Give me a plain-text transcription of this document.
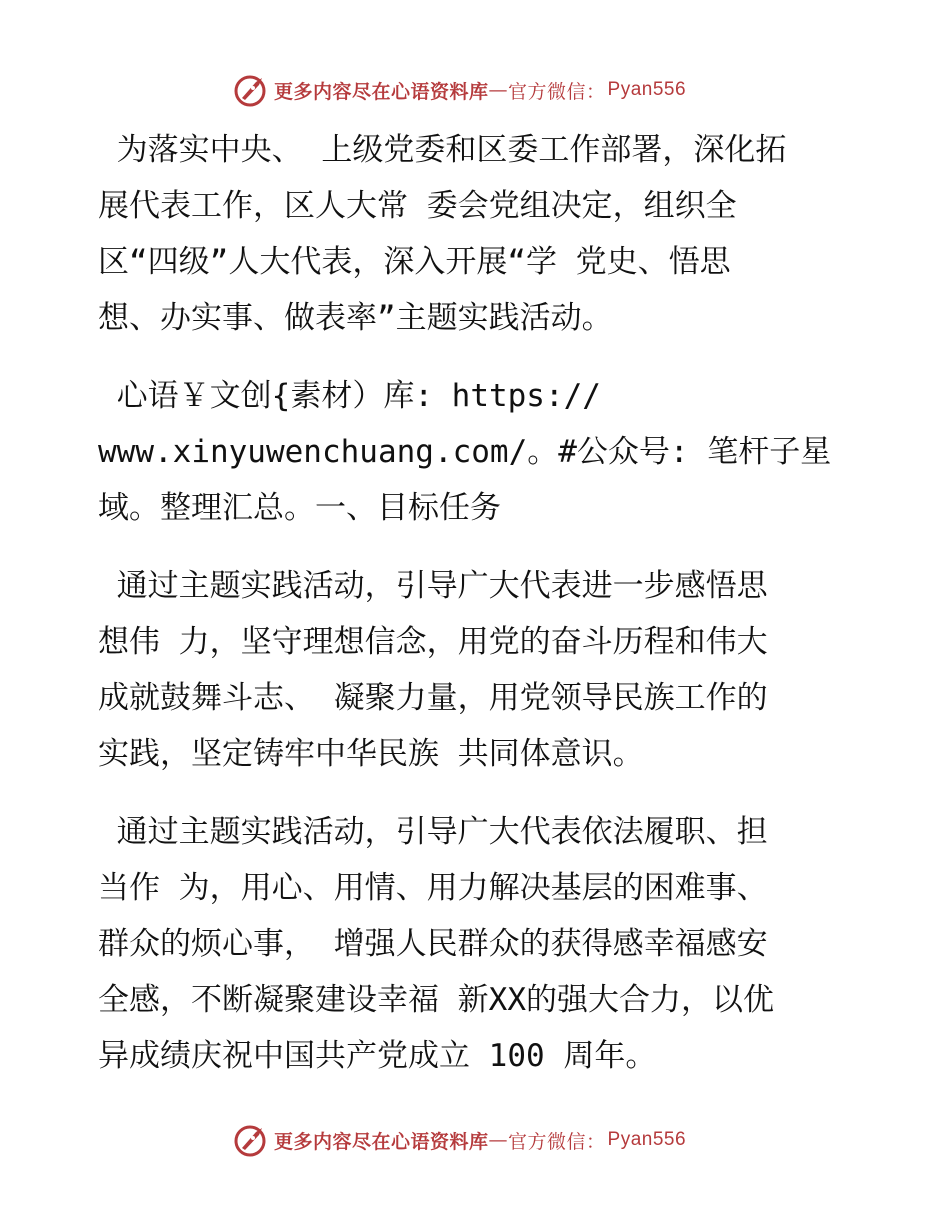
更多内容尽在心语资料库 — 官方微信： Pyan556
为落实中央、 上级党委和区委工作部署，深化拓
展代表工作，区人大常 委会党组决定，组织全
区“四级”人大代表，深入开展“学 党史、悟思
想、办实事、做表率”主题实践活动。
心语￥文创{素材）库: https://
www.xinyuwenchuang.com/。#公众号: 笔杆子星
域。整理汇总。一、目标任务
通过主题实践活动，引导广大代表进一步感悟思
想伟 力，坚守理想信念，用党的奋斗历程和伟大
成就鼓舞斗志、 凝聚力量，用党领导民族工作的
实践，坚定铸牢中华民族 共同体意识。
通过主题实践活动，引导广大代表依法履职、担
当作 为，用心、用情、用力解决基层的困难事、
群众的烦心事， 增强人民群众的获得感幸福感安
全感，不断凝聚建设幸福 新XX的强大合力，以优
异成绩庆祝中国共产党成立 100 周年。
更多内容尽在心语资料库 — 官方微信： Pyan556
